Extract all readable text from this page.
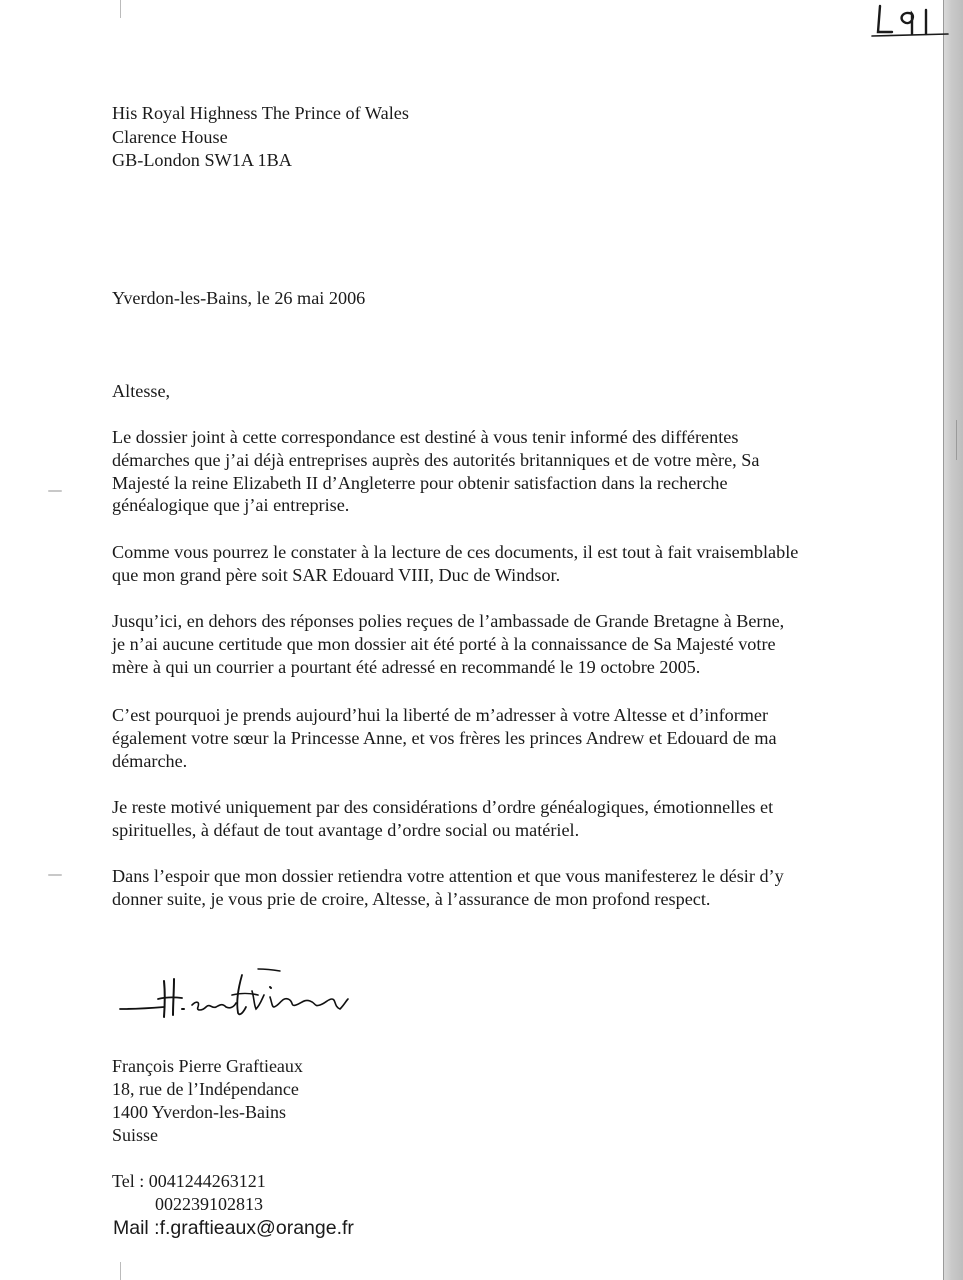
His Royal Highness The Prince of Wales

Clarence House

GB-London SW1A 1BA

Yverdon-les-Bains, le 26 mai 2006

Altesse,

Le dossier joint à cette correspondance est destiné à vous tenir informé des différentes
démarches que j’ai déjà entreprises auprès des autorités britanniques et de votre mère, Sa
Majesté la reine Elizabeth II d’Angleterre pour obtenir satisfaction dans la recherche
généalogique que j’ai entreprise.
Comme vous pourrez le constater à la lecture de ces documents, il est tout à fait vraisemblable
que mon grand père soit SAR Edouard VIII, Duc de Windsor.
Jusqu’ici, en dehors des réponses polies reçues de l’ambassade de Grande Bretagne à Berne,
je n’ai aucune certitude que mon dossier ait été porté à la connaissance de Sa Majesté votre
mère à qui un courrier a pourtant été adressé en recommandé le 19 octobre 2005.
C’est pourquoi je prends aujourd’hui la liberté de m’adresser à votre Altesse et d’informer
également votre sœur la Princesse Anne, et vos frères les princes Andrew et Edouard de ma
démarche.
Je reste motivé uniquement par des considérations d’ordre généalogiques, émotionnelles et
spirituelles, à défaut de tout avantage d’ordre social ou matériel.
Dans l’espoir que mon dossier retiendra votre attention et que vous manifesterez le désir d’y
donner suite, je vous prie de croire, Altesse, à l’assurance de mon profond respect.

François Pierre Graftieaux

18, rue de l’Indépendance

1400 Yverdon-les-Bains

Suisse

Tel : 0041244263121

002239102813

Mail :f.graftieaux@orange.fr
